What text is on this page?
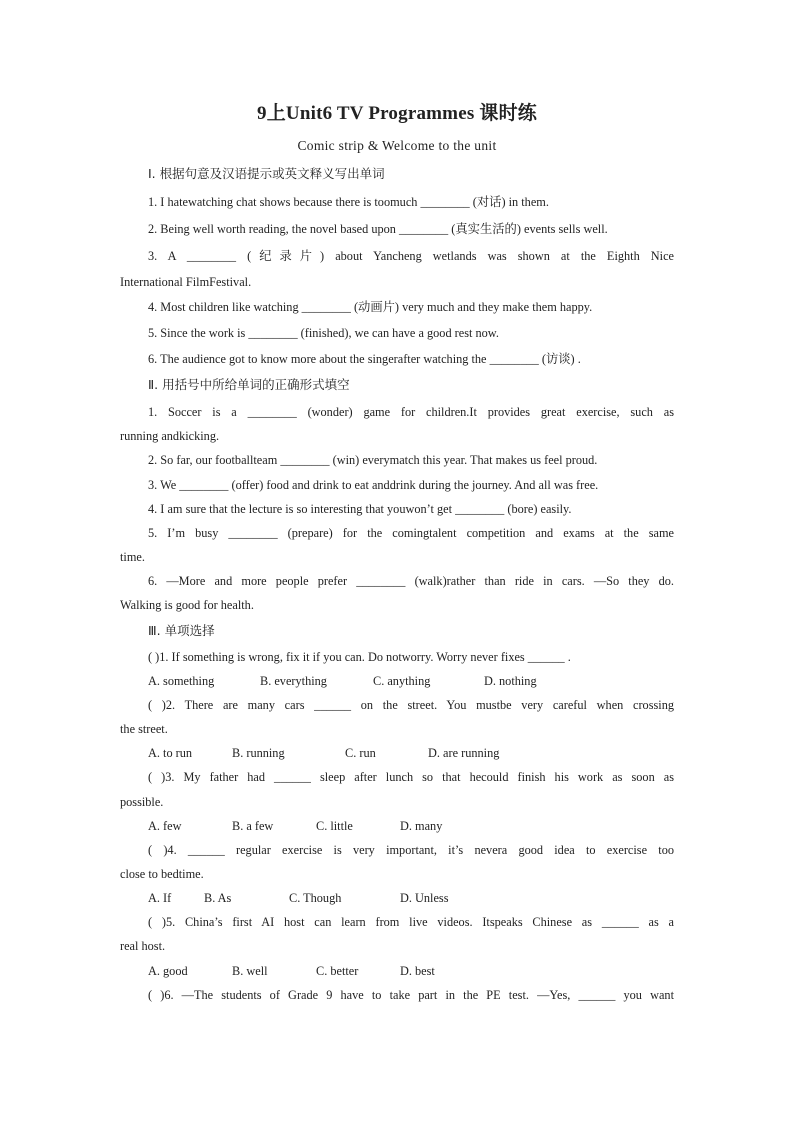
9上Unit6 TV Programmes 课时练
Comic strip & Welcome to the unit
Ⅰ. 根据句意及汉语提示或英文释义写出单词
1. I hatewatching chat shows because there is toomuch ________ (对话) in them.
2. Being well worth reading, the novel based upon ________ (真实生活的) events sells well.
3. A ________ (纪录片) about Yancheng wetlands was shown at the Eighth Nice
International FilmFestival.
4. Most children like watching ________ (动画片) very much and they make them happy.
5. Since the work is ________ (finished), we can have a good rest now.
6. The audience got to know more about the singerafter watching the ________ (访谈) .
Ⅱ. 用括号中所给单词的正确形式填空
1. Soccer is a ________ (wonder) game for children.It provides great exercise, such as
running andkicking.
2. So far, our footballteam ________ (win) everymatch this year. That makes us feel proud.
3. We ________ (offer) food and drink to eat anddrink during the journey. And all was free.
4. I am sure that the lecture is so interesting that youwon’t get ________ (bore) easily.
5. I’m busy ________ (prepare) for the comingtalent competition and exams at the same
time.
6. —More and more people prefer ________ (walk)rather than ride in cars. —So they do.
Walking is good for health.
Ⅲ. 单项选择
( )1. If something is wrong, fix it if you can. Do notworry. Worry never fixes ______ .
A. something	B. everything	C. anything	D. nothing
( )2. There are many cars ______ on the street. You mustbe very careful when crossing
the street.
A. to run	B. running	C. run	D. are running
( )3. My father had ______ sleep after lunch so that hecould finish his work as soon as
possible.
A. few	B. a few	C. little	D. many
( )4. ______ regular exercise is very important, it’s nevera good idea to exercise too
close to bedtime.
A. If	B. As	C. Though	D. Unless
( )5. China’s first AI host can learn from live videos. Itspeaks Chinese as ______ as a
real host.
A. good	B. well	C. better	D. best
( )6. —The students of Grade 9 have to take part in the PE test. —Yes, ______ you want
